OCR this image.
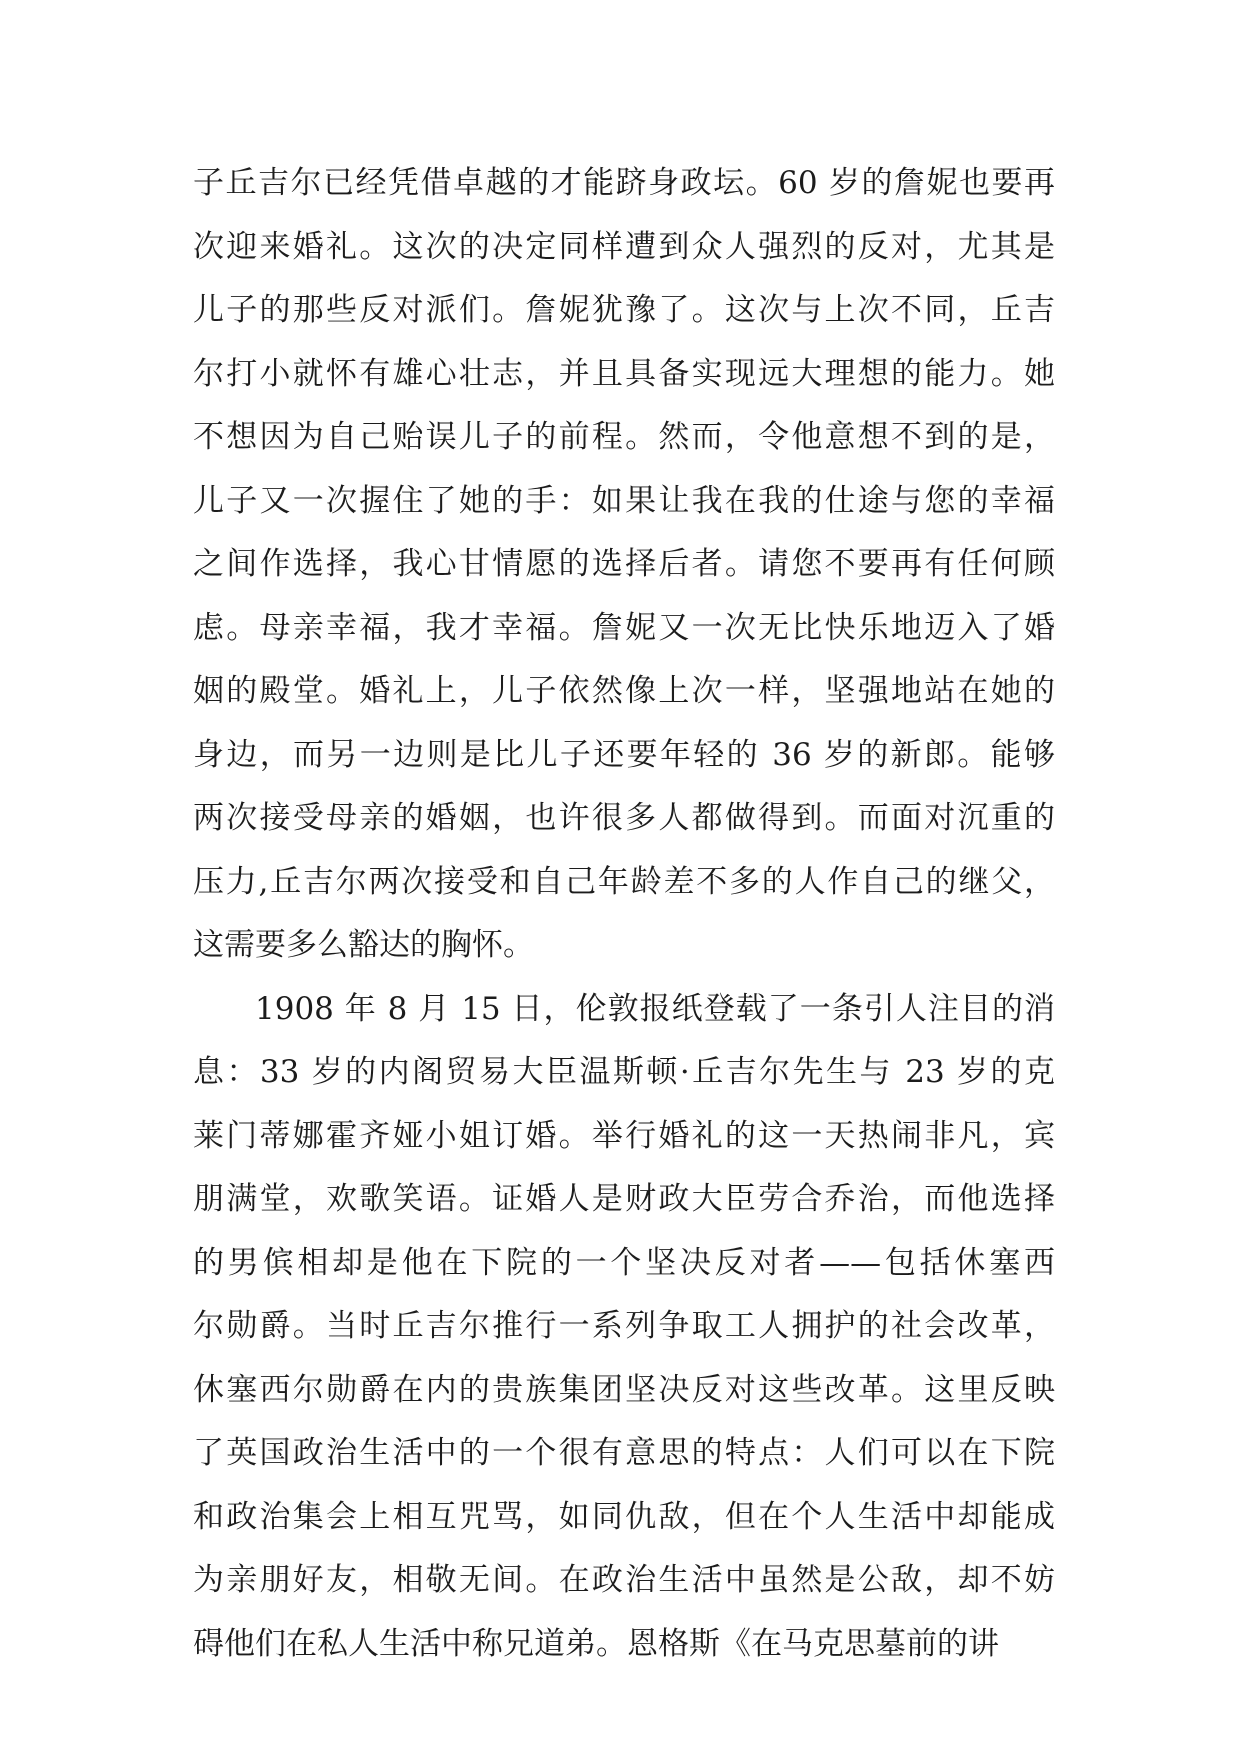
子丘吉尔已经凭借卓越的才能跻身政坛。60 岁的詹妮也要再
次迎来婚礼。这次的决定同样遭到众人强烈的反对，尤其是
儿子的那些反对派们。詹妮犹豫了。这次与上次不同，丘吉
尔打小就怀有雄心壮志，并且具备实现远大理想的能力。她
不想因为自己贻误儿子的前程。然而，令他意想不到的是，
儿子又一次握住了她的手：如果让我在我的仕途与您的幸福
之间作选择，我心甘情愿的选择后者。请您不要再有任何顾
虑。母亲幸福，我才幸福。詹妮又一次无比快乐地迈入了婚
姻的殿堂。婚礼上，儿子依然像上次一样，坚强地站在她的
身边，而另一边则是比儿子还要年轻的 36 岁的新郎。能够
两次接受母亲的婚姻，也许很多人都做得到。而面对沉重的
压力,丘吉尔两次接受和自己年龄差不多的人作自己的继父，
这需要多么豁达的胸怀。
1908 年 8 月 15 日，伦敦报纸登载了一条引人注目的消
息：33 岁的内阁贸易大臣温斯顿·丘吉尔先生与 23 岁的克
莱门蒂娜霍齐娅小姐订婚。举行婚礼的这一天热闹非凡，宾
朋满堂，欢歌笑语。证婚人是财政大臣劳合乔治，而他选择
的男傧相却是他在下院的一个坚决反对者——包括休塞西
尔勋爵。当时丘吉尔推行一系列争取工人拥护的社会改革，
休塞西尔勋爵在内的贵族集团坚决反对这些改革。这里反映
了英国政治生活中的一个很有意思的特点：人们可以在下院
和政治集会上相互咒骂，如同仇敌，但在个人生活中却能成
为亲朋好友，相敬无间。在政治生活中虽然是公敌，却不妨
碍他们在私人生活中称兄道弟。恩格斯《在马克思墓前的讲
